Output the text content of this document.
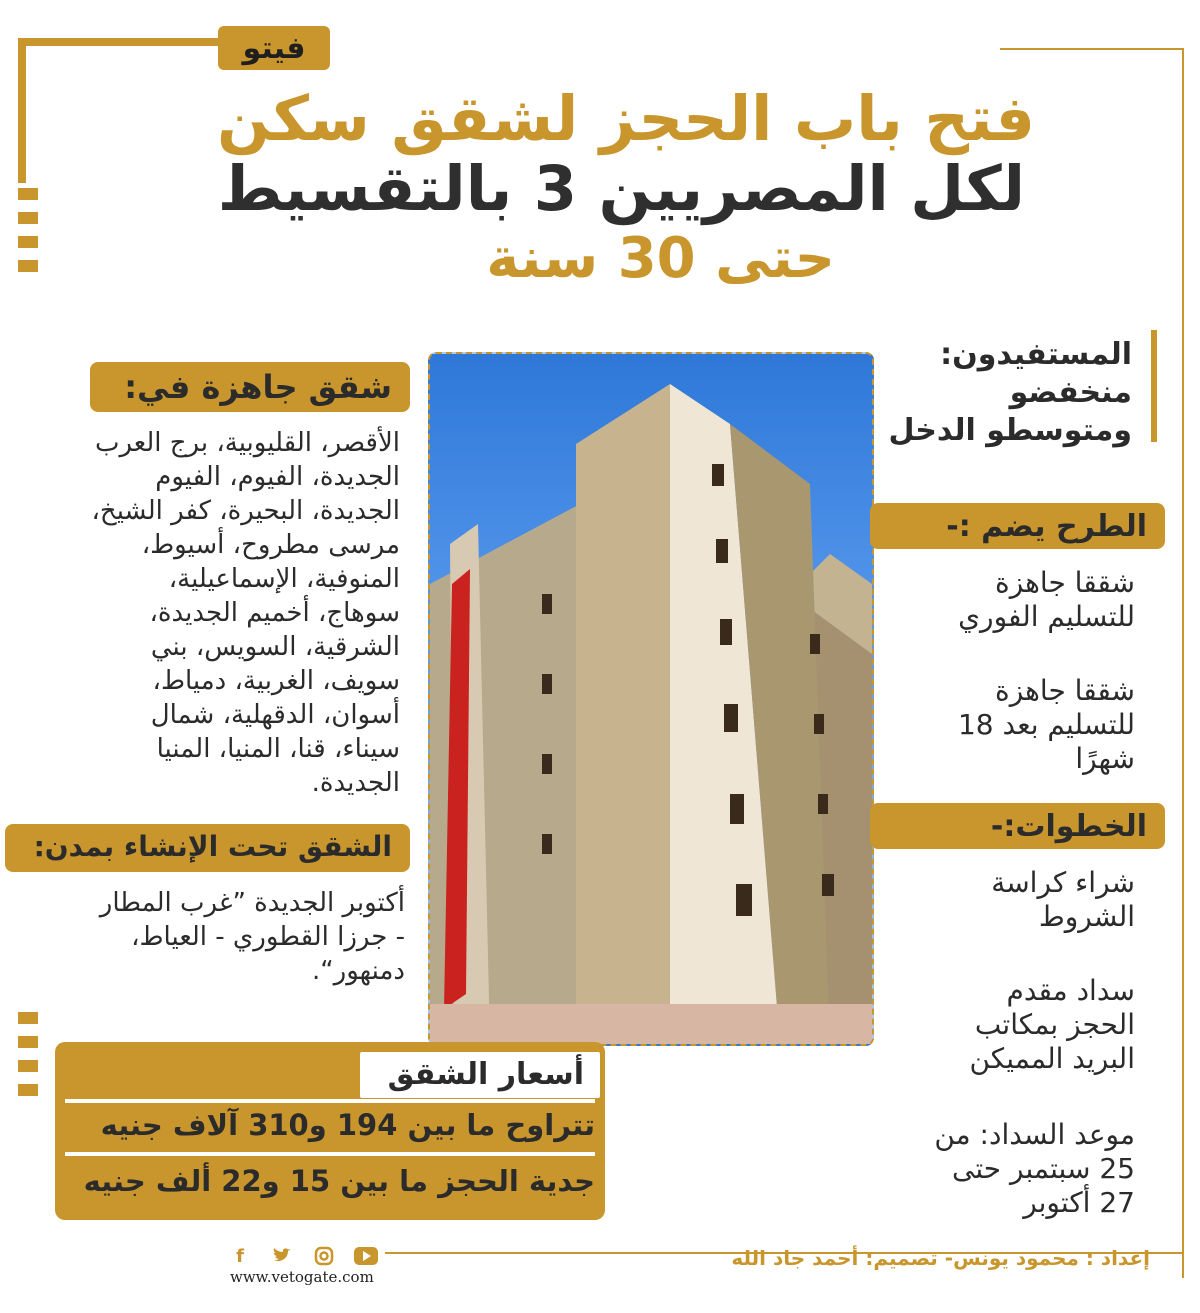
فيتو
فتح باب الحجز لشقق سكن
لكل المصريين 3 بالتقسيط
حتى 30 سنة
المستفيدون:
منخفضو
ومتوسطو الدخل
الطرح يضم :-
شققا جاهزة
للتسليم الفوري
شققا جاهزة
للتسليم بعد 18
شهرًا
الخطوات:-
شراء كراسة
الشروط
سداد مقدم
الحجز بمكاتب
البريد المميكن
موعد السداد: من
25 سبتمبر حتى
27 أكتوبر
شقق جاهزة في:
الأقصر، القليوبية، برج العرب
الجديدة، الفيوم، الفيوم
الجديدة، البحيرة، كفر الشيخ،
مرسى مطروح، أسيوط،
المنوفية، الإسماعيلية،
سوهاج، أخميم الجديدة،
الشرقية، السويس، بني
سويف، الغربية، دمياط،
أسوان، الدقهلية، شمال
سيناء، قنا، المنيا، المنيا
الجديدة.
الشقق تحت الإنشاء بمدن:
أكتوبر الجديدة ”غرب المطار
- جرزا القطوري - العياط،
دمنهور“.
أسعار الشقق
تتراوح ما بين 194 و310 آلاف جنيه
جدية الحجز ما بين 15 و22 ألف جنيه
f
www.vetogate.com
إعداد : محمود يونس- تصميم: أحمد جاد الله
